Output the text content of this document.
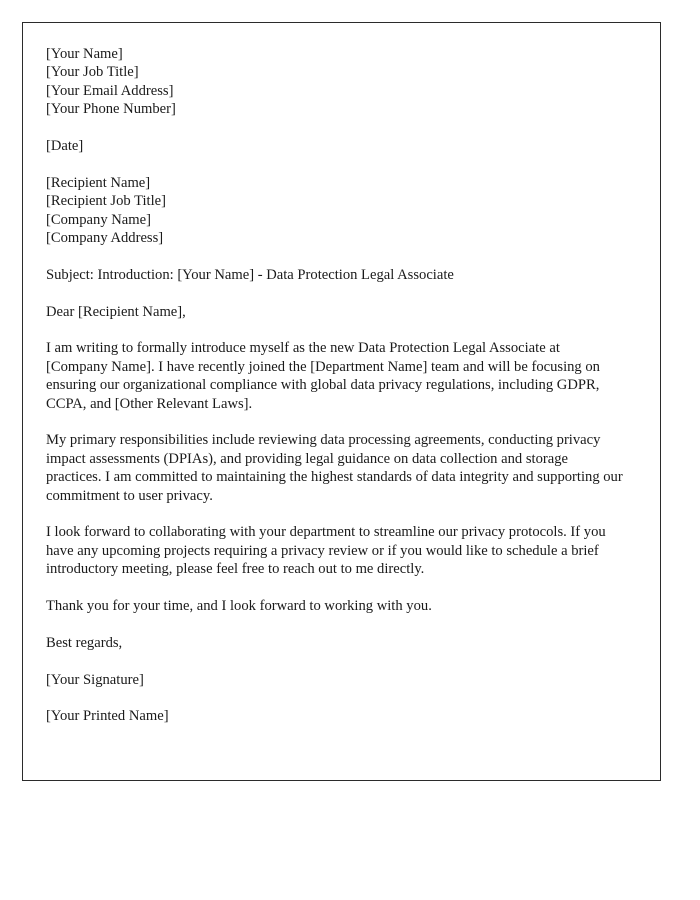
[Your Name]
[Your Job Title]
[Your Email Address]
[Your Phone Number]
[Date]
[Recipient Name]
[Recipient Job Title]
[Company Name]
[Company Address]
Subject: Introduction: [Your Name] - Data Protection Legal Associate
Dear [Recipient Name],
I am writing to formally introduce myself as the new Data Protection Legal Associate at [Company Name]. I have recently joined the [Department Name] team and will be focusing on ensuring our organizational compliance with global data privacy regulations, including GDPR, CCPA, and [Other Relevant Laws].
My primary responsibilities include reviewing data processing agreements, conducting privacy impact assessments (DPIAs), and providing legal guidance on data collection and storage practices. I am committed to maintaining the highest standards of data integrity and supporting our commitment to user privacy.
I look forward to collaborating with your department to streamline our privacy protocols. If you have any upcoming projects requiring a privacy review or if you would like to schedule a brief introductory meeting, please feel free to reach out to me directly.
Thank you for your time, and I look forward to working with you.
Best regards,
[Your Signature]
[Your Printed Name]
